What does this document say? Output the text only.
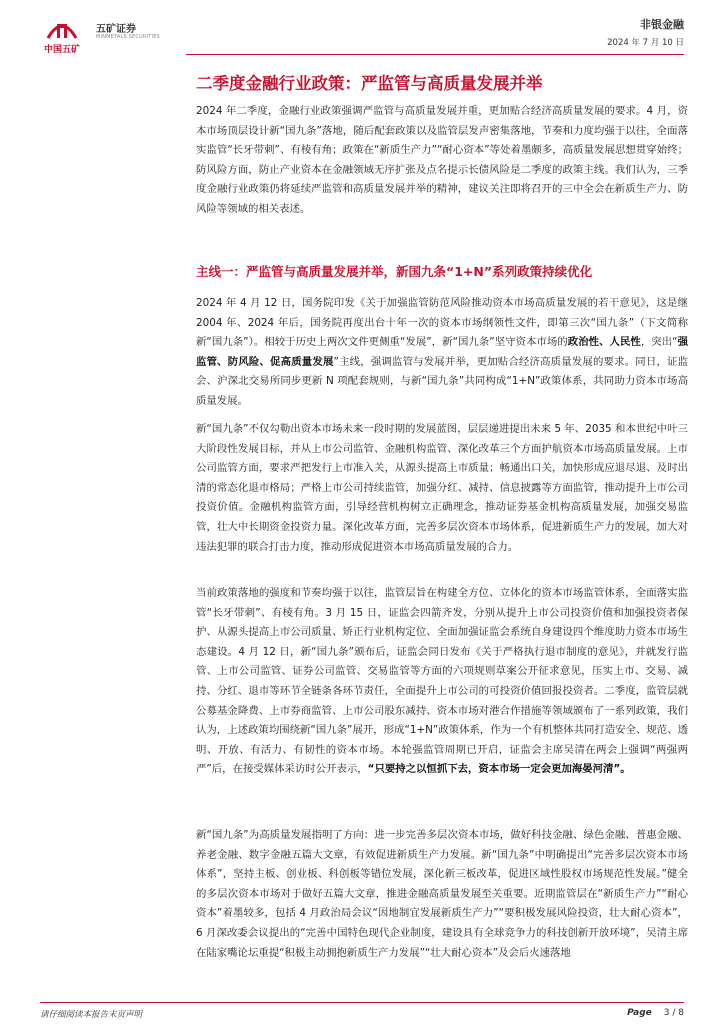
中国五矿
五矿证券
MINMETALS SECURITIES
非银金融
2024 年 7 月 10 日
二季度金融行业政策：严监管与高质量发展并举

2024 年二季度，金融行业政策强调严监管与高质量发展并重，更加贴合经济高质量发展的要求。4 月，资本市场顶层设计新“国九条”落地，随后配套政策以及监管层发声密集落地，节奏和力度均强于以往，全面落实监管“长牙带刺”、有棱有角；政策在“新质生产力”“耐心资本”等处着墨颇多，高质量发展思想贯穿始终；防风险方面，防止产业资本在金融领域无序扩张及点名提示长债风险是二季度的政策主线。我们认为，三季度金融行业政策仍将延续严监管和高质量发展并举的精神，建议关注即将召开的三中全会在新质生产力、防风险等领域的相关表述。

主线一：严监管与高质量发展并举，新国九条“1+N”系列政策持续优化

2024 年 4 月 12 日，国务院印发《关于加强监管防范风险推动资本市场高质量发展的若干意见》，这是继 2004 年、2024 年后，国务院再度出台十年一次的资本市场纲领性文件，即第三次“国九条”（下文简称新“国九条”）。相较于历史上两次文件更侧重“发展”，新“国九条”坚守资本市场的政治性、人民性，突出“强监管、防风险、促高质量发展”主线，强调监管与发展并举，更加贴合经济高质量发展的要求。同日，证监会、沪深北交易所同步更新 N 项配套规则，与新“国九条”共同构成“1+N”政策体系，共同助力资本市场高质量发展。

新“国九条”不仅勾勒出资本市场未来一段时期的发展蓝图，层层递进提出未来 5 年、2035 和本世纪中叶三大阶段性发展目标，并从上市公司监管、金融机构监管、深化改革三个方面护航资本市场高质量发展。上市公司监管方面，要求严把发行上市准入关，从源头提高上市质量；畅通出口关，加快形成应退尽退、及时出清的常态化退市格局；严格上市公司持续监管，加强分红、减持、信息披露等方面监管，推动提升上市公司投资价值。金融机构监管方面，引导经营机构树立正确理念，推动证券基金机构高质量发展，加强交易监管，壮大中长期资金投资力量。深化改革方面，完善多层次资本市场体系，促进新质生产力的发展，加大对违法犯罪的联合打击力度，推动形成促进资本市场高质量发展的合力。

当前政策落地的强度和节奏均强于以往，监管层旨在构建全方位、立体化的资本市场监管体系，全面落实监管“长牙带刺”、有棱有角。3 月 15 日，证监会四箭齐发，分别从提升上市公司投资价值和加强投资者保护、从源头提高上市公司质量、矫正行业机构定位、全面加强证监会系统自身建设四个维度助力资本市场生态建设。4 月 12 日，新“国九条”颁布后，证监会同日发布《关于严格执行退市制度的意见》，并就发行监管、上市公司监管、证券公司监管、交易监管等方面的六项规则草案公开征求意见，压实上市、交易、减持、分红、退市等环节全链条各环节责任，全面提升上市公司的可投资价值回报投资者。二季度，监管层就公募基金降费、上市券商监管、上市公司股东减持、资本市场对港合作措施等领域颁布了一系列政策，我们认为，上述政策均围绕新“国九条”展开，形成“1+N”政策体系，作为一个有机整体共同打造安全、规范、透明、开放、有活力、有韧性的资本市场。本轮强监管周期已开启，证监会主席吴清在两会上强调“两强两严”后，在接受媒体采访时公开表示，“只要持之以恒抓下去，资本市场一定会更加海晏河清”。

新“国九条”为高质量发展指明了方向：进一步完善多层次资本市场，做好科技金融、绿色金融、普惠金融、养老金融、数字金融五篇大文章，有效促进新质生产力发展。新“国九条”中明确提出“完善多层次资本市场体系”，坚持主板、创业板、科创板等错位发展，深化新三板改革，促进区域性股权市场规范性发展。”健全的多层次资本市场对于做好五篇大文章，推进金融高质量发展至关重要。近期监管层在“新质生产力”“耐心资本”着墨较多，包括 4 月政治局会议“因地制宜发展新质生产力”“要积极发展风险投资，壮大耐心资本”，6 月深改委会议提出的“完善中国特色现代企业制度，建设具有全球竞争力的科技创新开放环境”，吴清主席在陆家嘴论坛重提“积极主动拥抱新质生产力发展”“壮大耐心资本”及会后火速落地

请仔细阅读本报告末页声明	Page 3 / 8
